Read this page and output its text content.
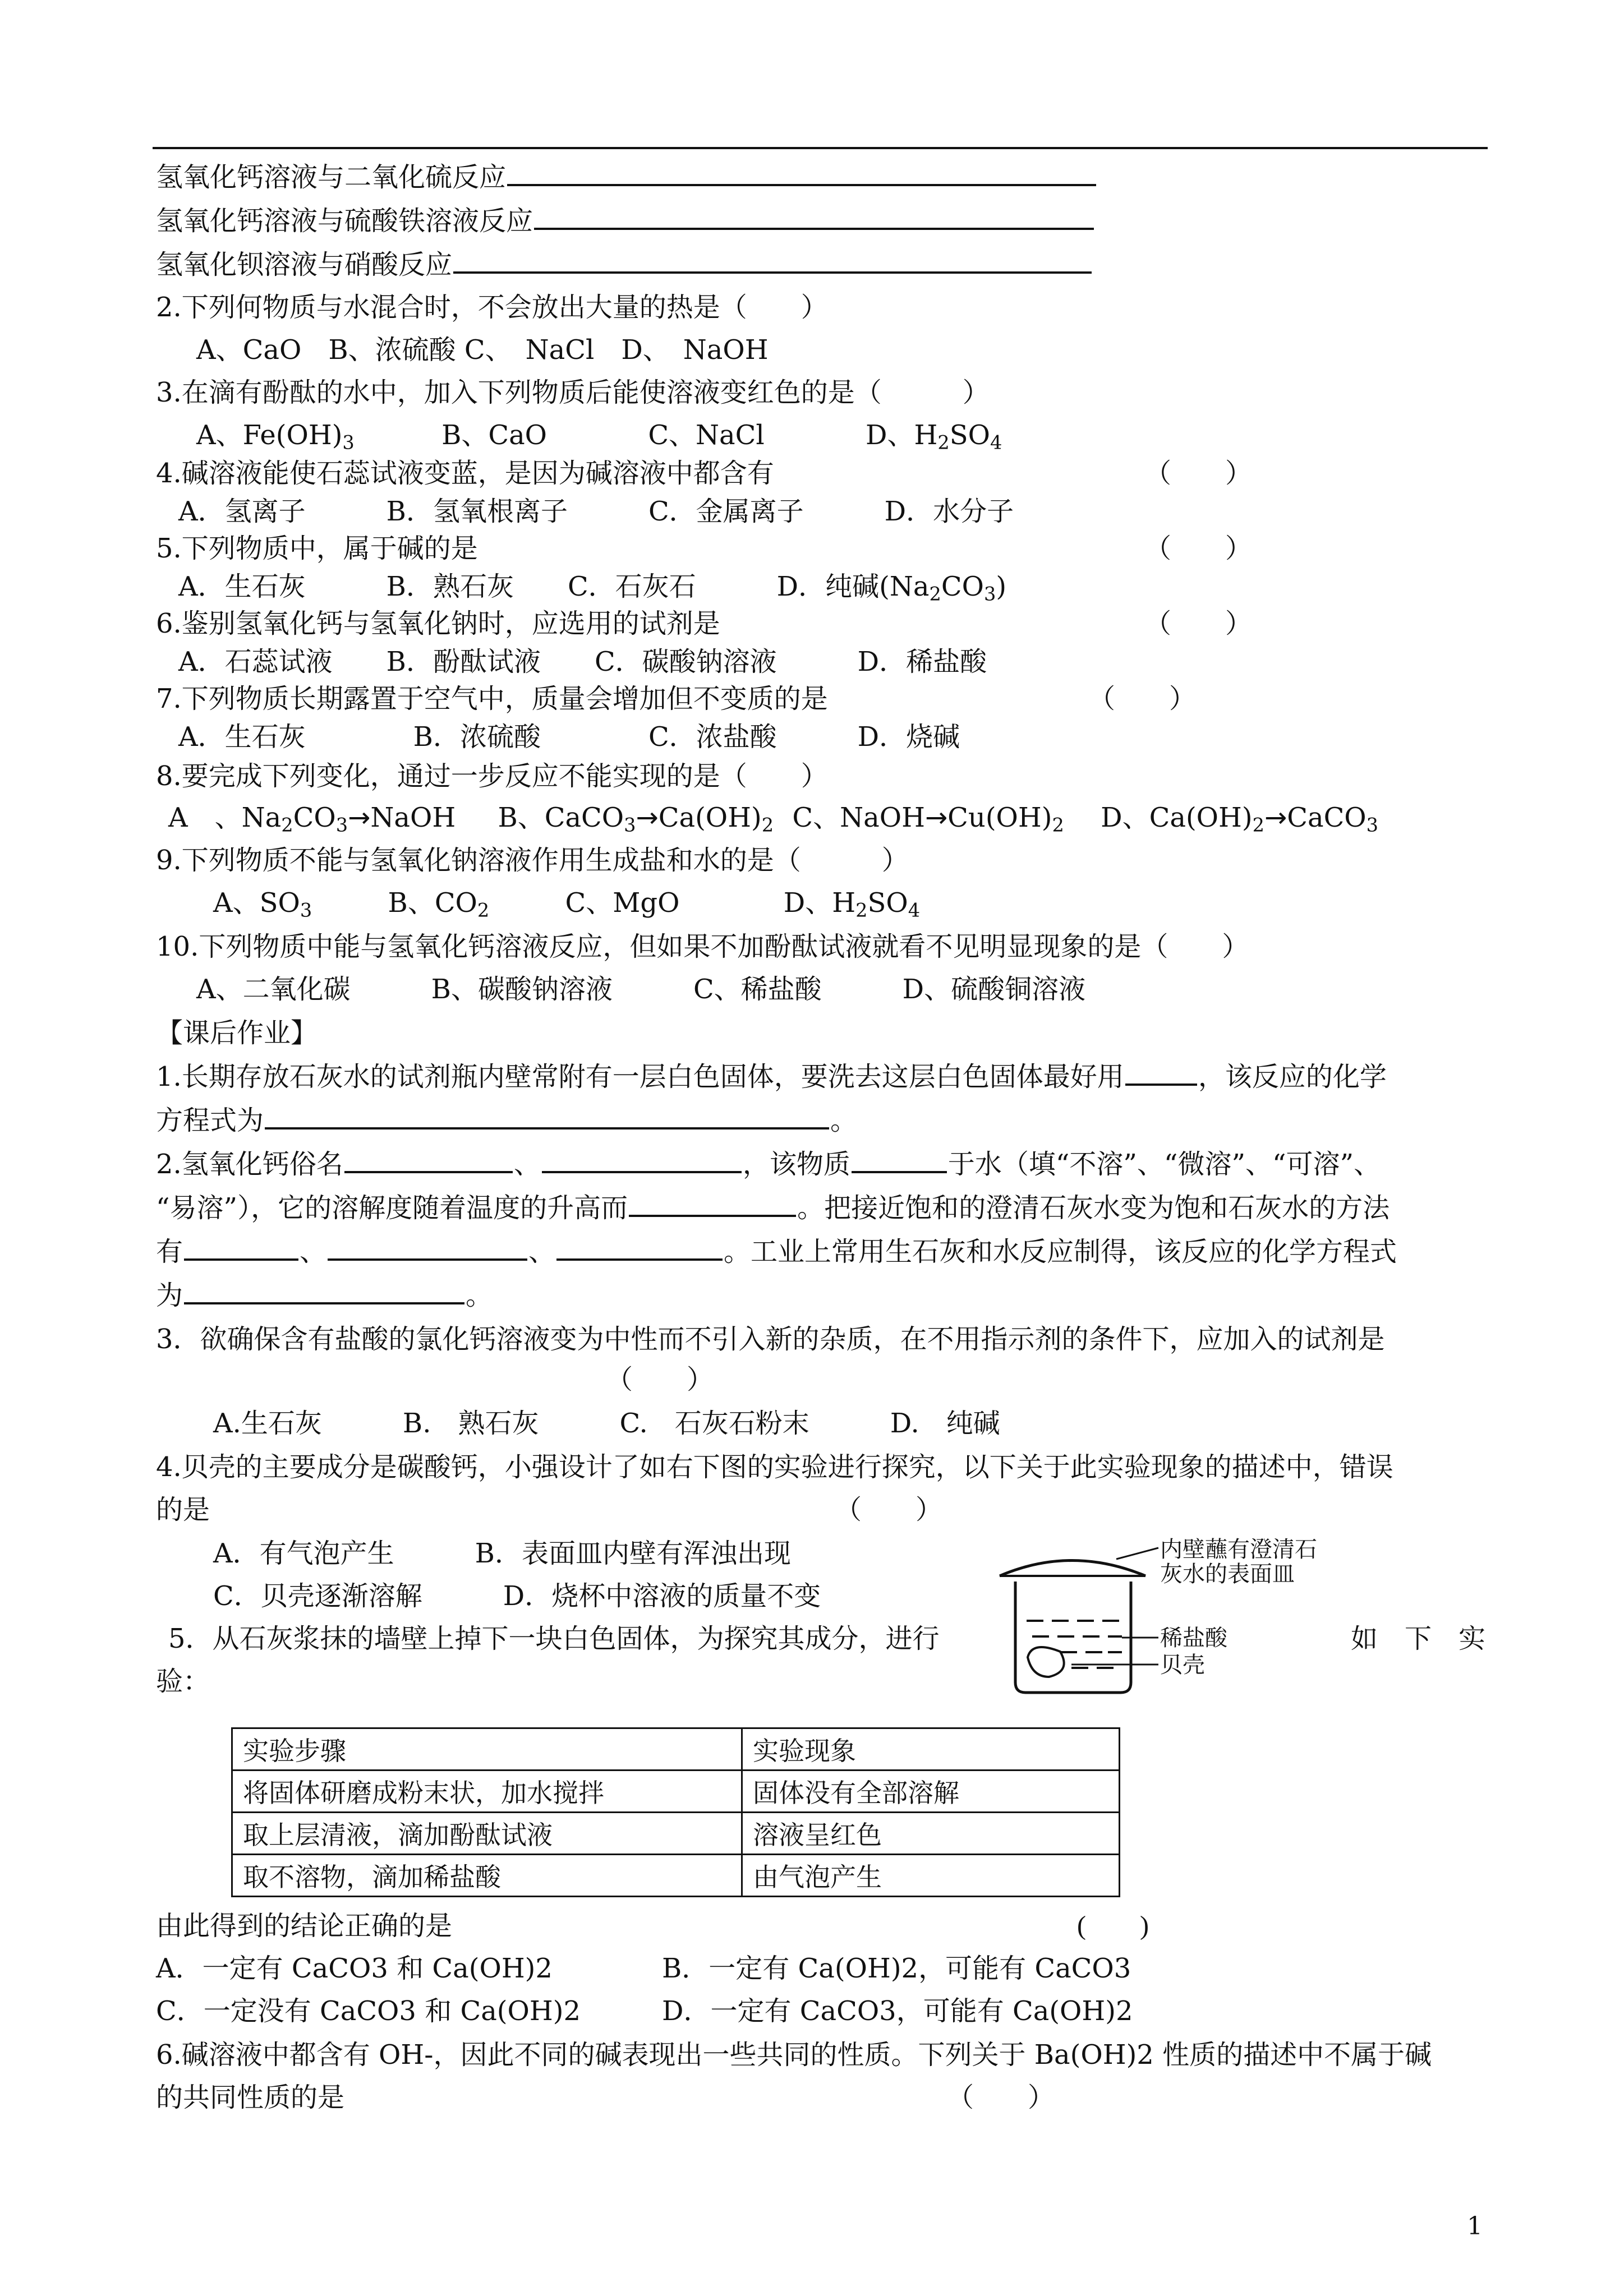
氢氧化钙溶液与二氧化硫反应
氢氧化钙溶液与硫酸铁溶液反应
氢氧化钡溶液与硝酸反应
2.下列何物质与水混合时，不会放出大量的热是（　　）
A、CaO　B、浓硫酸 C、　NaCl　D、　NaOH
3.在滴有酚酞的水中，加入下列物质后能使溶液变红色的是（　　　）
A、$Fe(OH)_3$	B、CaO	C、NaCl	D、$H_2SO_4$
4.碱溶液能使石蕊试液变蓝，是因为碱溶液中都含有	（　　）
A．氢离子　　　B．氢氧根离子　　　C．金属离子　　　D．水分子
5.下列物质中，属于碱的是	（　　）
A．生石灰　　　B．熟石灰　　C．石灰石　　　D．纯碱$(Na_2CO_3)$
6.鉴别氢氧化钙与氢氧化钠时，应选用的试剂是	（　　）
A．石蕊试液　　B．酚酞试液　　C．碳酸钠溶液　　　D．稀盐酸
7.下列物质长期露置于空气中，质量会增加但不变质的是	（　　）
A．生石灰　　　　B．浓硫酸　　　　C．浓盐酸　　　D．烧碱
8.要完成下列变化，通过一步反应不能实现的是（　　）
A　、$Na_2CO_3\to NaOH$ B、$CaCO_3\to Ca(OH)_2$ C、$NaOH\to Cu(OH)_2$ D、$Ca(OH)_2\to CaCO_3$
9.下列物质不能与氢氧化钠溶液作用生成盐和水的是（　　　）
A、$SO_3$	B、$CO_2$	C、MgO	D、$H_2SO_4$
10.下列物质中能与氢氧化钙溶液反应，但如果不加酚酞试液就看不见明显现象的是（　　）
A、二氧化碳　　　B、碳酸钠溶液　　　C、稀盐酸　　　D、硫酸铜溶液
【课后作业】
1.长期存放石灰水的试剂瓶内壁常附有一层白色固体，要洗去这层白色固体最好用	，该反应的化学
方程式为	。
2.氢氧化钙俗名	、	，该物质	于水（填“不溶”、“微溶”、“可溶”、
“易溶”），它的溶解度随着温度的升高而	。把接近饱和的澄清石灰水变为饱和石灰水的方法
有	、	、	。工业上常用生石灰和水反应制得，该反应的化学方程式
为	。
3．欲确保含有盐酸的氯化钙溶液变为中性而不引入新的杂质，在不用指示剂的条件下，应加入的试剂是
（　　）
A.生石灰　　　B.　熟石灰　　　C.　石灰石粉末　　　D.　纯碱
4.贝壳的主要成分是碳酸钙，小强设计了如右下图的实验进行探究，以下关于此实验现象的描述中，错误
的是	（　　）
A．有气泡产生　　　B．表面皿内壁有浑浊出现
C．贝壳逐渐溶解　　　D．烧杯中溶液的质量不变
5．从石灰浆抹的墙壁上掉下一块白色固体，为探究其成分，进行	如　下　实
验：
内壁蘸有澄清石
灰水的表面皿
稀盐酸
贝壳
实验步骤	实验现象
将固体研磨成粉末状，加水搅拌	固体没有全部溶解
取上层清液，滴加酚酞试液	溶液呈红色
取不溶物，滴加稀盐酸	由气泡产生
由此得到的结论正确的是	(　　)
A．一定有 CaCO3 和 Ca(OH)2	B．一定有 Ca(OH)2，可能有 CaCO3
C．一定没有 CaCO3 和 Ca(OH)2	D．一定有 CaCO3，可能有 Ca(OH)2
6.碱溶液中都含有 OH-，因此不同的碱表现出一些共同的性质。下列关于 Ba(OH)2 性质的描述中不属于碱
的共同性质的是	（　　）
1
